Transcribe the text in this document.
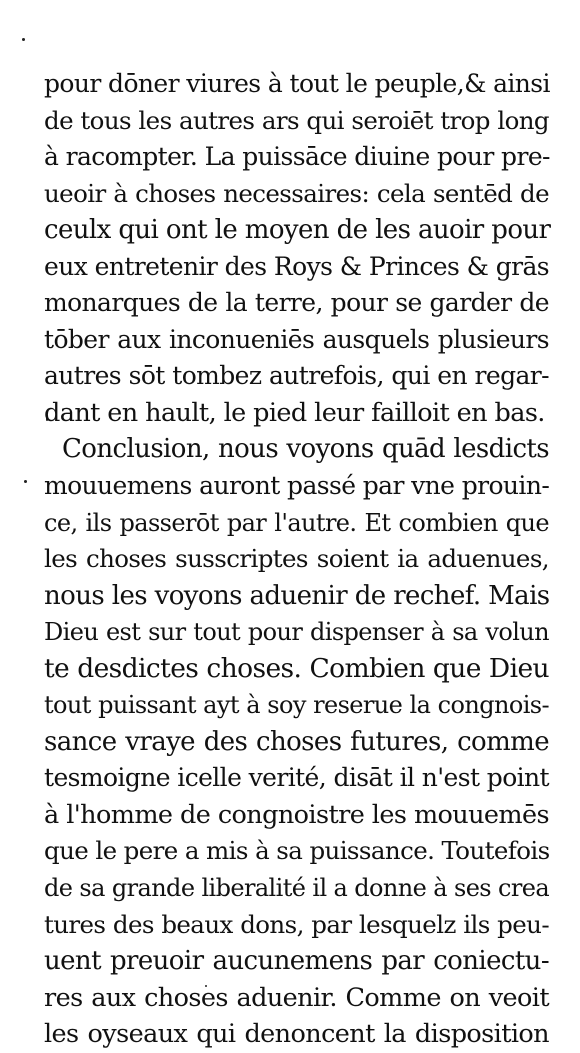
pour dōner viures à tout le peuple,& ainsi
de tous les autres ars qui seroiēt trop long
à racompter. La puissāce diuine pour pre-
ueoir à choses necessaires: cela sentēd de
ceulx qui ont le moyen de les auoir pour
eux entretenir des Roys & Princes & grās
monarques de la terre, pour se garder de
tōber aux inconueniēs ausquels plusieurs
autres sōt tombez autrefois, qui en regar-
dant en hault, le pied leur failloit en bas.
Conclusion, nous voyons quād lesdicts
mouuemens auront passé par vne prouin-
ce, ils passerōt par l'autre. Et combien que
les choses susscriptes soient ia aduenues,
nous les voyons aduenir de rechef. Mais
Dieu est sur tout pour dispenser à sa volun
te desdictes choses. Combien que Dieu
tout puissant ayt à soy reserue la congnois-
sance vraye des choses futures, comme
tesmoigne icelle verité, disāt il n'est point
à l'homme de congnoistre les mouuemēs
que le pere a mis à sa puissance. Toutefois
de sa grande liberalité il a donne à ses crea
tures des beaux dons, par lesquelz ils peu-
uent preuoir aucunemens par coniectu-
res aux choses aduenir. Comme on veoit
les oyseaux qui denoncent la disposition
